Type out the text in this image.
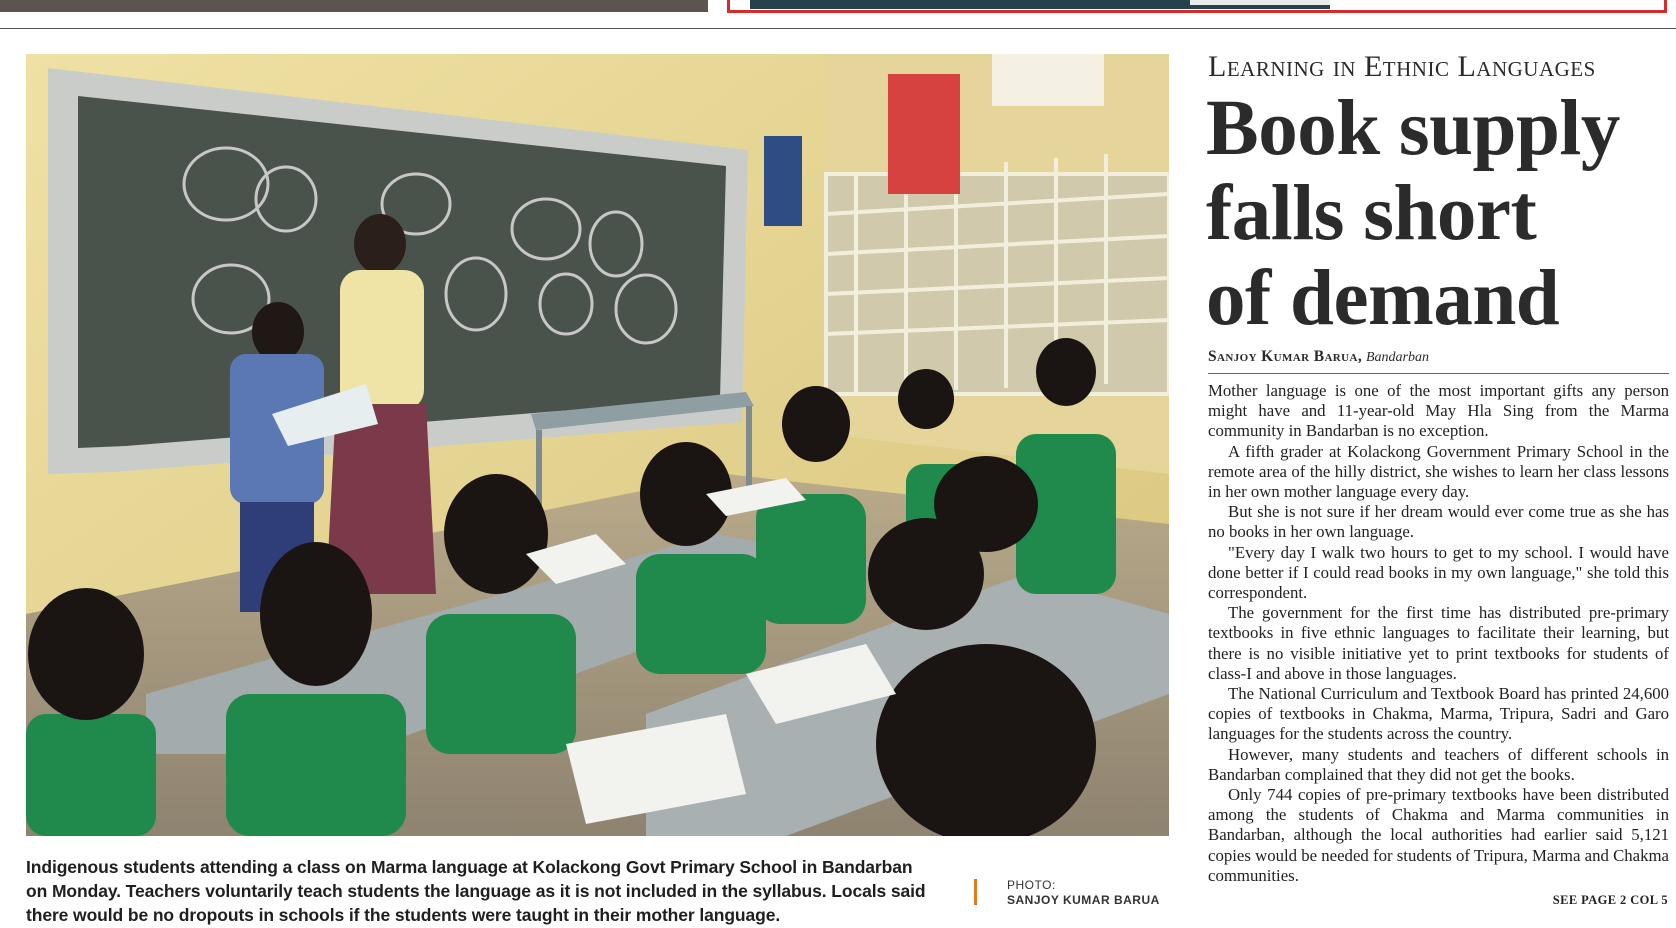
Indigenous students attending a class on Marma language at Kolackong Govt Primary School in Bandarban on Monday. Teachers voluntarily teach students the language as it is not included in the syllabus. Locals said there would be no dropouts in schools if the students were taught in their mother language.
PHOTO:
SANJOY KUMAR BARUA
Learning in Ethnic Languages
Book supply
falls short
of demand
Sanjoy Kumar Barua, Bandarban

Mother language is one of the most important gifts any person might have and 11-year-old May Hla Sing from the Marma community in Bandarban is no exception.

A fifth grader at Kolackong Government Primary School in the remote area of the hilly district, she wishes to learn her class lessons in her own mother language every day.

But she is not sure if her dream would ever come true as she has no books in her own language.

"Every day I walk two hours to get to my school. I would have done better if I could read books in my own language," she told this correspondent.

The government for the first time has distributed pre-primary textbooks in five ethnic languages to facilitate their learning, but there is no visible initiative yet to print textbooks for students of class-I and above in those languages.

The National Curriculum and Textbook Board has printed 24,600 copies of textbooks in Chakma, Marma, Tripura, Sadri and Garo languages for the students across the country.

However, many students and teachers of different schools in Bandarban complained that they did not get the books.

Only 744 copies of pre-primary textbooks have been distributed among the students of Chakma and Marma communities in Bandarban, although the local authorities had earlier said 5,121 copies would be needed for students of Tripura, Marma and Chakma communities.

SEE PAGE 2 COL 5
